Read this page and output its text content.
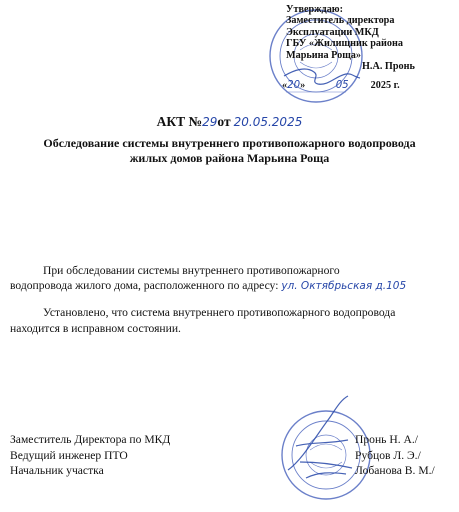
Утверждаю:
Заместитель директора
Эксплуатации МКД
ГБУ «Жилищник района
Марьина Роща»
Н.А. Пронь
«20»	05 2025 г.
АКТ №29от 20.05.2025
Обследование системы внутреннего противопожарного водопровода
жилых домов района Марьина Роща
При обследовании системы внутреннего противопожарного
водопровода жилого дома, расположенного по адресу: ул. Октябрьская д.105
Установлено, что система внутреннего противопожарного водопровода
находится в исправном состоянии.
Заместитель Директора по МКД
Ведущий инженер ПТО
Начальник участка
Пронь Н. А./
Рубцов Л. Э./
Лобанова В. М./
